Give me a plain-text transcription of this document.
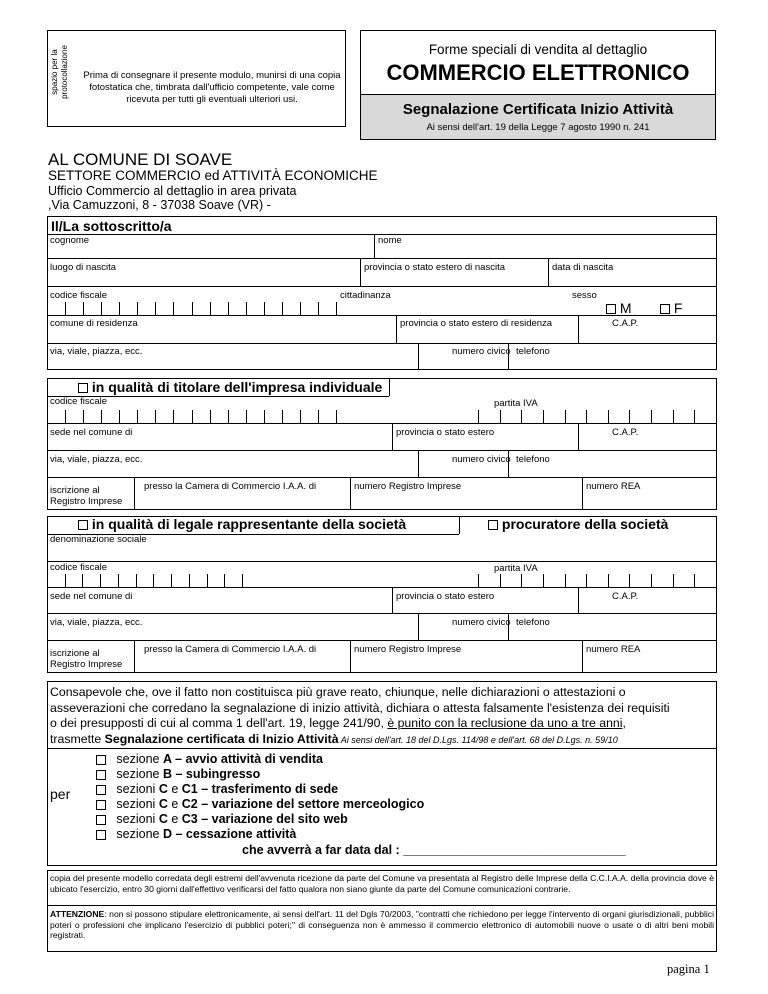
spazio per la protocollazione	Prima di consegnare il presente modulo, munirsi di una copia fotostatica che, timbrata dall'ufficio competente, vale come ricevuta per tutti gli eventuali ulteriori usi.
Forme speciali di vendita al dettaglio
COMMERCIO ELETTRONICO
Segnalazione Certificata Inizio Attività
Ai sensi dell'art. 19 della Legge 7 agosto 1990 n. 241
AL COMUNE DI SOAVE
SETTORE COMMERCIO ed ATTIVITÀ ECONOMICHE
Ufficio Commercio al dettaglio in area privata
,Via Camuzzoni, 8 - 37038 Soave (VR) -
Il/La sottoscritto/a
cognome	nome
luogo di nascita	provincia o stato estero di nascita	data di nascita
codice fiscale	cittadinanza	sesso
M	F
comune di residenza	provincia o stato estero di residenza	C.A.P.
via, viale, piazza, ecc.	numero civico telefono
in qualità di titolare dell'impresa individuale
codice fiscale	partita IVA
sede nel comune di	provincia o stato estero	C.A.P.
via, viale, piazza, ecc.	numero civico telefono
iscrizione al
Registro Imprese
presso la Camera di Commercio I.A.A. di	numero Registro Imprese	numero REA
in qualità di legale rappresentante della società	procuratore della società
denominazione sociale
codice fiscale	partita IVA
sede nel comune di	provincia o stato estero	C.A.P.
via, viale, piazza, ecc.	numero civico telefono
iscrizione al
Registro Imprese
presso la Camera di Commercio I.A.A. di	numero Registro Imprese	numero REA
Consapevole che, ove il fatto non costituisca più grave reato, chiunque, nelle dichiarazioni o attestazioni o
asseverazioni che corredano la segnalazione di inizio attività, dichiara o attesta falsamente l'esistenza dei requisiti
o dei presupposti di cui al comma 1 dell'art. 19, legge 241/90, è punito con la reclusione da uno a tre anni,
trasmette Segnalazione certificata di Inizio Attività Ai sensi dell'art. 18 del D.Lgs. 114/98 e dell'art. 68 del D.Lgs. n. 59/10
per
sezione A – avvio attività di vendita
sezione B – subingresso
sezioni C e C1 – trasferimento di sede
sezioni C e C2 – variazione del settore merceologico
sezioni C e C3 – variazione del sito web
sezione D – cessazione attività
che avverrà a far data dal : ________________________________
copia del presente modello corredata degli estremi dell'avvenuta ricezione da parte del Comune va presentata al Registro delle Imprese della C.C.I.A.A. della provincia dove è ubicato l'esercizio, entro 30 giorni dall'effettivo verificarsi del fatto qualora non siano giunte da parte del Comune comunicazioni contrarie.
ATTENZIONE: non si possono stipulare elettronicamente, ai sensi dell'art. 11 del Dgls 70/2003, "contratti che richiedono per legge l'intervento di organi giurisdizionali, pubblici poteri o professioni che implicano l'esercizio di pubblici poteri;" di conseguenza non è ammesso il commercio elettronico di automobili nuove o usate o di altri beni mobili registrati.
pagina 1
